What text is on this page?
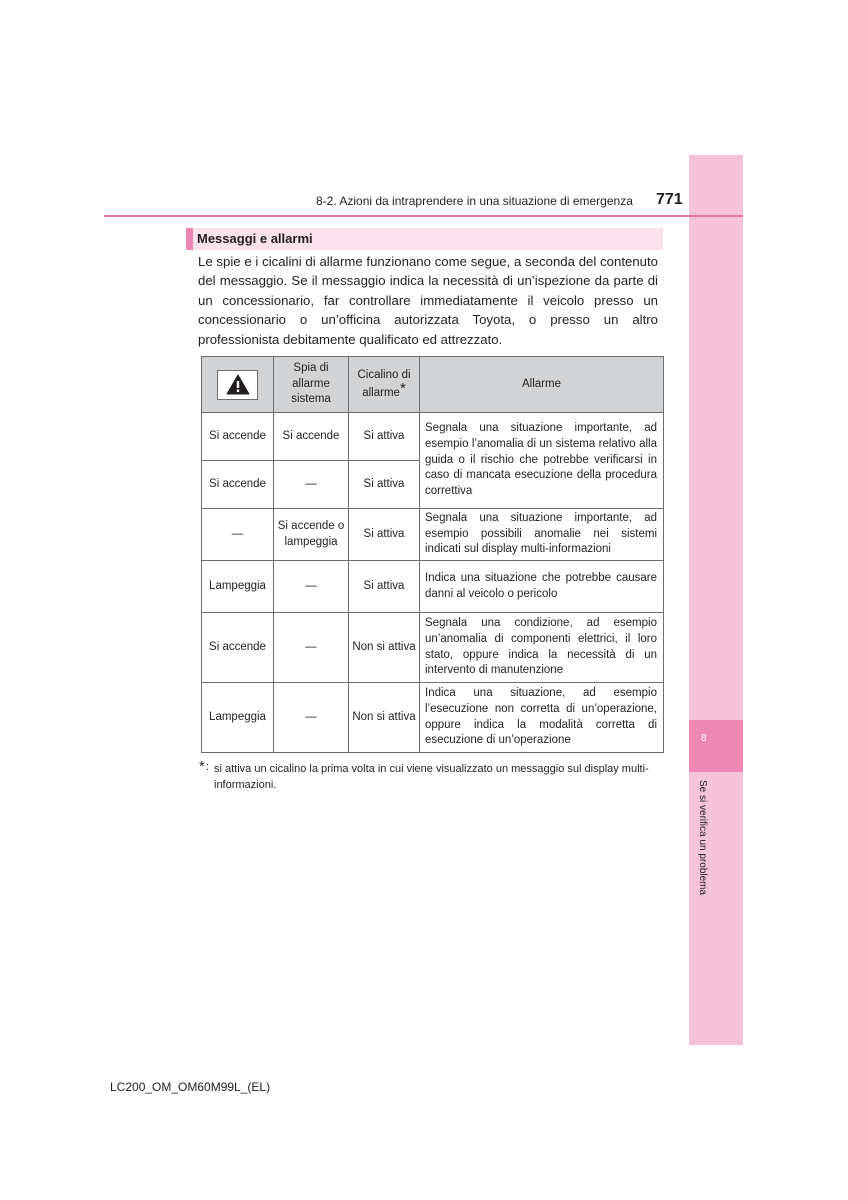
8
Se si verifica un problema
8-2. Azioni da intraprendere in una situazione di emergenza 771
Messaggi e allarmi

Le spie e i cicalini di allarme funzionano come segue, a seconda del contenuto del messaggio. Se il messaggio indica la necessità di un’ispezione da parte di un concessionario, far controllare immediatamente il veicolo presso un concessionario o un’officina autorizzata Toyota, o presso un altro professionista debitamente qualificato ed attrezzato.

	Spia di allarme sistema	Cicalino di allarme*	Allarme
Si accende	Si accende	Si attiva	Segnala una situazione importante, ad esempio l’anomalia di un sistema relativo alla guida o il rischio che potrebbe verificarsi in caso di mancata esecuzione della procedura correttiva
Si accende	—	Si attiva	
—	Si accende o lampeggia	Si attiva	Segnala una situazione importante, ad esempio possibili anomalie nei sistemi indicati sul display multi-informazioni
Lampeggia	—	Si attiva	Indica una situazione che potrebbe causare danni al veicolo o pericolo
Si accende	—	Non si attiva	Segnala una condizione, ad esempio un’anomalia di componenti elettrici, il loro stato, oppure indica la necessità di un intervento di manutenzione
Lampeggia	—	Non si attiva	Indica una situazione, ad esempio l’esecuzione non corretta di un’operazione, oppure indica la modalità corretta di esecuzione di un’operazione
* : si attiva un cicalino la prima volta in cui viene visualizzato un messaggio sul display multi-informazioni.
LC200_OM_OM60M99L_(EL)
